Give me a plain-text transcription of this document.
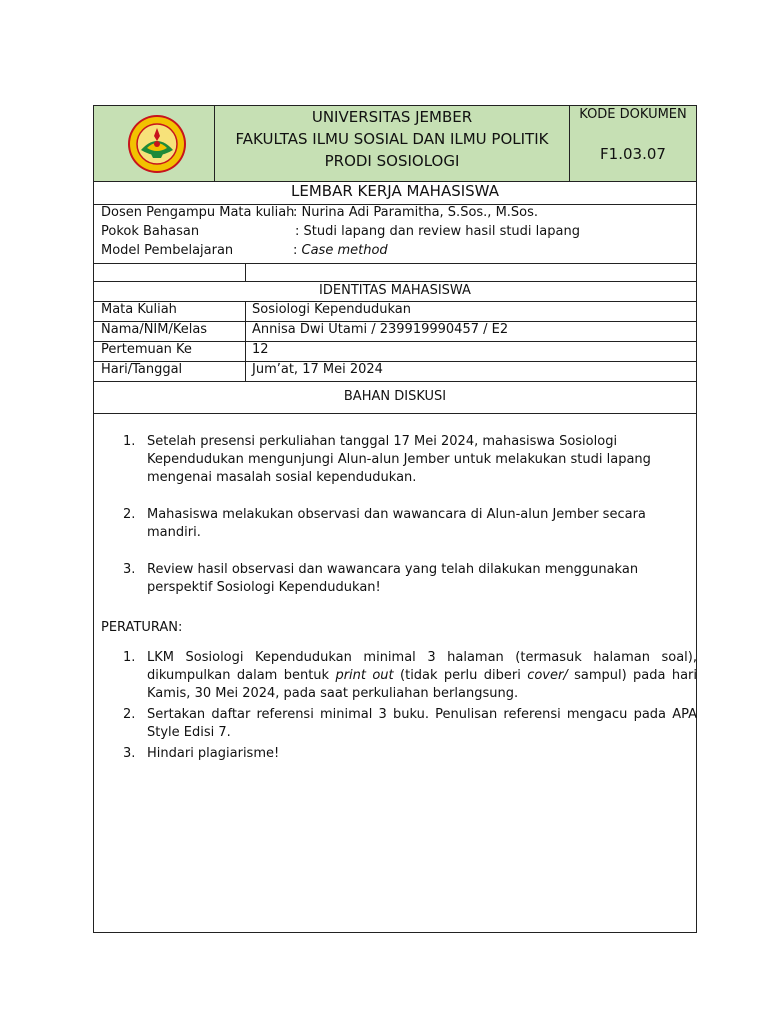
UNIVERSITAS JEMBER
FAKULTAS ILMU SOSIAL DAN ILMU POLITIK
PRODI SOSIOLOGI
KODE DOKUMEN
F1.03.07
LEMBAR KERJA MAHASISWA
Dosen Pengampu Mata kuliah
: Nurina Adi Paramitha, S.Sos., M.Sos.
Pokok Bahasan	: Studi lapang dan review hasil studi lapang
Model Pembelajaran	: Case method
IDENTITAS MAHASISWA
Mata Kuliah	Sosiologi Kependudukan
Nama/NIM/Kelas	Annisa Dwi Utami / 239919990457 / E2
Pertemuan Ke	12
Hari/Tanggal	Jum’at, 17 Mei 2024
BAHAN DISKUSI
1. Setelah presensi perkuliahan tanggal 17 Mei 2024, mahasiswa Sosiologi Kependudukan mengunjungi Alun-alun Jember untuk melakukan studi lapang mengenai masalah sosial kependudukan.
2. Mahasiswa melakukan observasi dan wawancara di Alun-alun Jember secara mandiri.
3. Review hasil observasi dan wawancara yang telah dilakukan menggunakan perspektif Sosiologi Kependudukan!
PERATURAN:
1. LKM Sosiologi Kependudukan minimal 3 halaman (termasuk halaman soal), dikumpulkan dalam bentuk print out (tidak perlu diberi cover/ sampul) pada hari Kamis, 30 Mei 2024, pada saat perkuliahan berlangsung.
2. Sertakan daftar referensi minimal 3 buku. Penulisan referensi mengacu pada APA Style Edisi 7.
3. Hindari plagiarisme!
